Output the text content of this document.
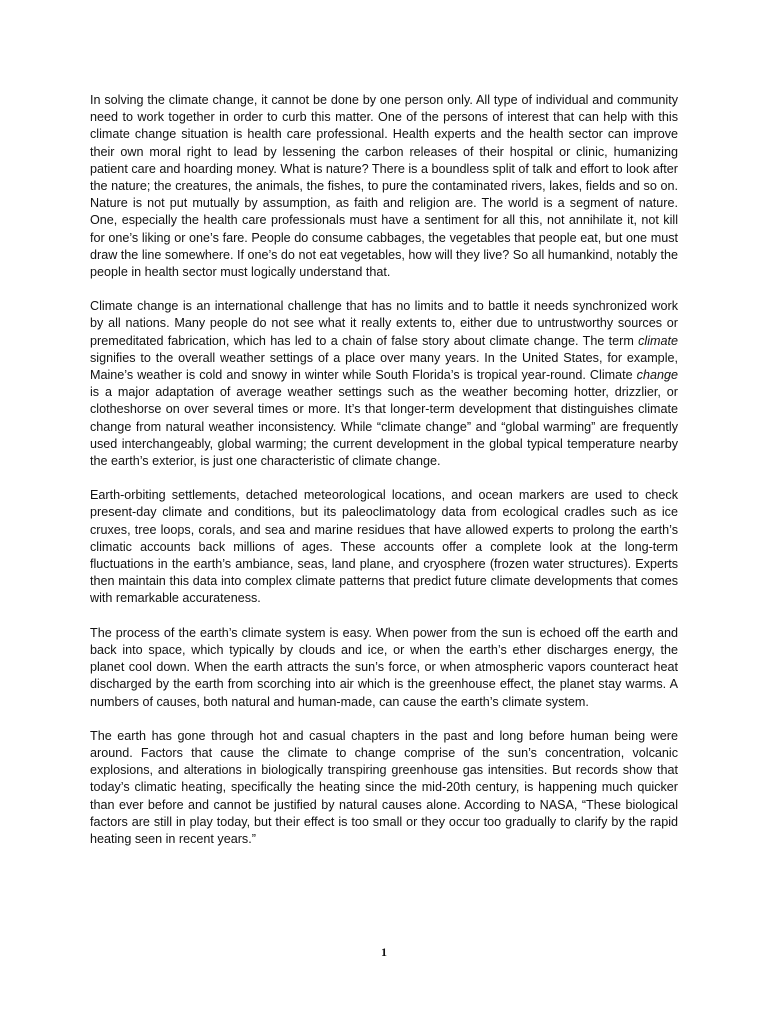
In solving the climate change, it cannot be done by one person only. All type of individual and community need to work together in order to curb this matter. One of the persons of interest that can help with this climate change situation is health care professional. Health experts and the health sector can improve their own moral right to lead by lessening the carbon releases of their hospital or clinic, humanizing patient care and hoarding money. What is nature? There is a boundless split of talk and effort to look after the nature; the creatures, the animals, the fishes, to pure the contaminated rivers, lakes, fields and so on. Nature is not put mutually by assumption, as faith and religion are. The world is a segment of nature. One, especially the health care professionals must have a sentiment for all this, not annihilate it, not kill for one’s liking or one’s fare. People do consume cabbages, the vegetables that people eat, but one must draw the line somewhere. If one’s do not eat vegetables, how will they live? So all humankind, notably the people in health sector must logically understand that.

Climate change is an international challenge that has no limits and to battle it needs synchronized work by all nations. Many people do not see what it really extents to, either due to untrustworthy sources or premeditated fabrication, which has led to a chain of false story about climate change. The term climate signifies to the overall weather settings of a place over many years. In the United States, for example, Maine’s weather is cold and snowy in winter while South Florida’s is tropical year-round. Climate change is a major adaptation of average weather settings such as the weather becoming hotter, drizzlier, or clotheshorse on over several times or more. It’s that longer-term development that distinguishes climate change from natural weather inconsistency. While “climate change” and “global warming” are frequently used interchangeably, global warming; the current development in the global typical temperature nearby the earth’s exterior, is just one characteristic of climate change.

Earth-orbiting settlements, detached meteorological locations, and ocean markers are used to check present-day climate and conditions, but its paleoclimatology data from ecological cradles such as ice cruxes, tree loops, corals, and sea and marine residues that have allowed experts to prolong the earth’s climatic accounts back millions of ages. These accounts offer a complete look at the long-term fluctuations in the earth’s ambiance, seas, land plane, and cryosphere (frozen water structures). Experts then maintain this data into complex climate patterns that predict future climate developments that comes with remarkable accurateness.

The process of the earth’s climate system is easy. When power from the sun is echoed off the earth and back into space, which typically by clouds and ice, or when the earth’s ether discharges energy, the planet cool down. When the earth attracts the sun’s force, or when atmospheric vapors counteract heat discharged by the earth from scorching into air which is the greenhouse effect, the planet stay warms. A numbers of causes, both natural and human-made, can cause the earth’s climate system.

The earth has gone through hot and casual chapters in the past and long before human being were around. Factors that cause the climate to change comprise of the sun’s concentration, volcanic explosions, and alterations in biologically transpiring greenhouse gas intensities. But records show that today’s climatic heating, specifically the heating since the mid-20th century, is happening much quicker than ever before and cannot be justified by natural causes alone. According to NASA, “These biological factors are still in play today, but their effect is too small or they occur too gradually to clarify by the rapid heating seen in recent years.”

1
